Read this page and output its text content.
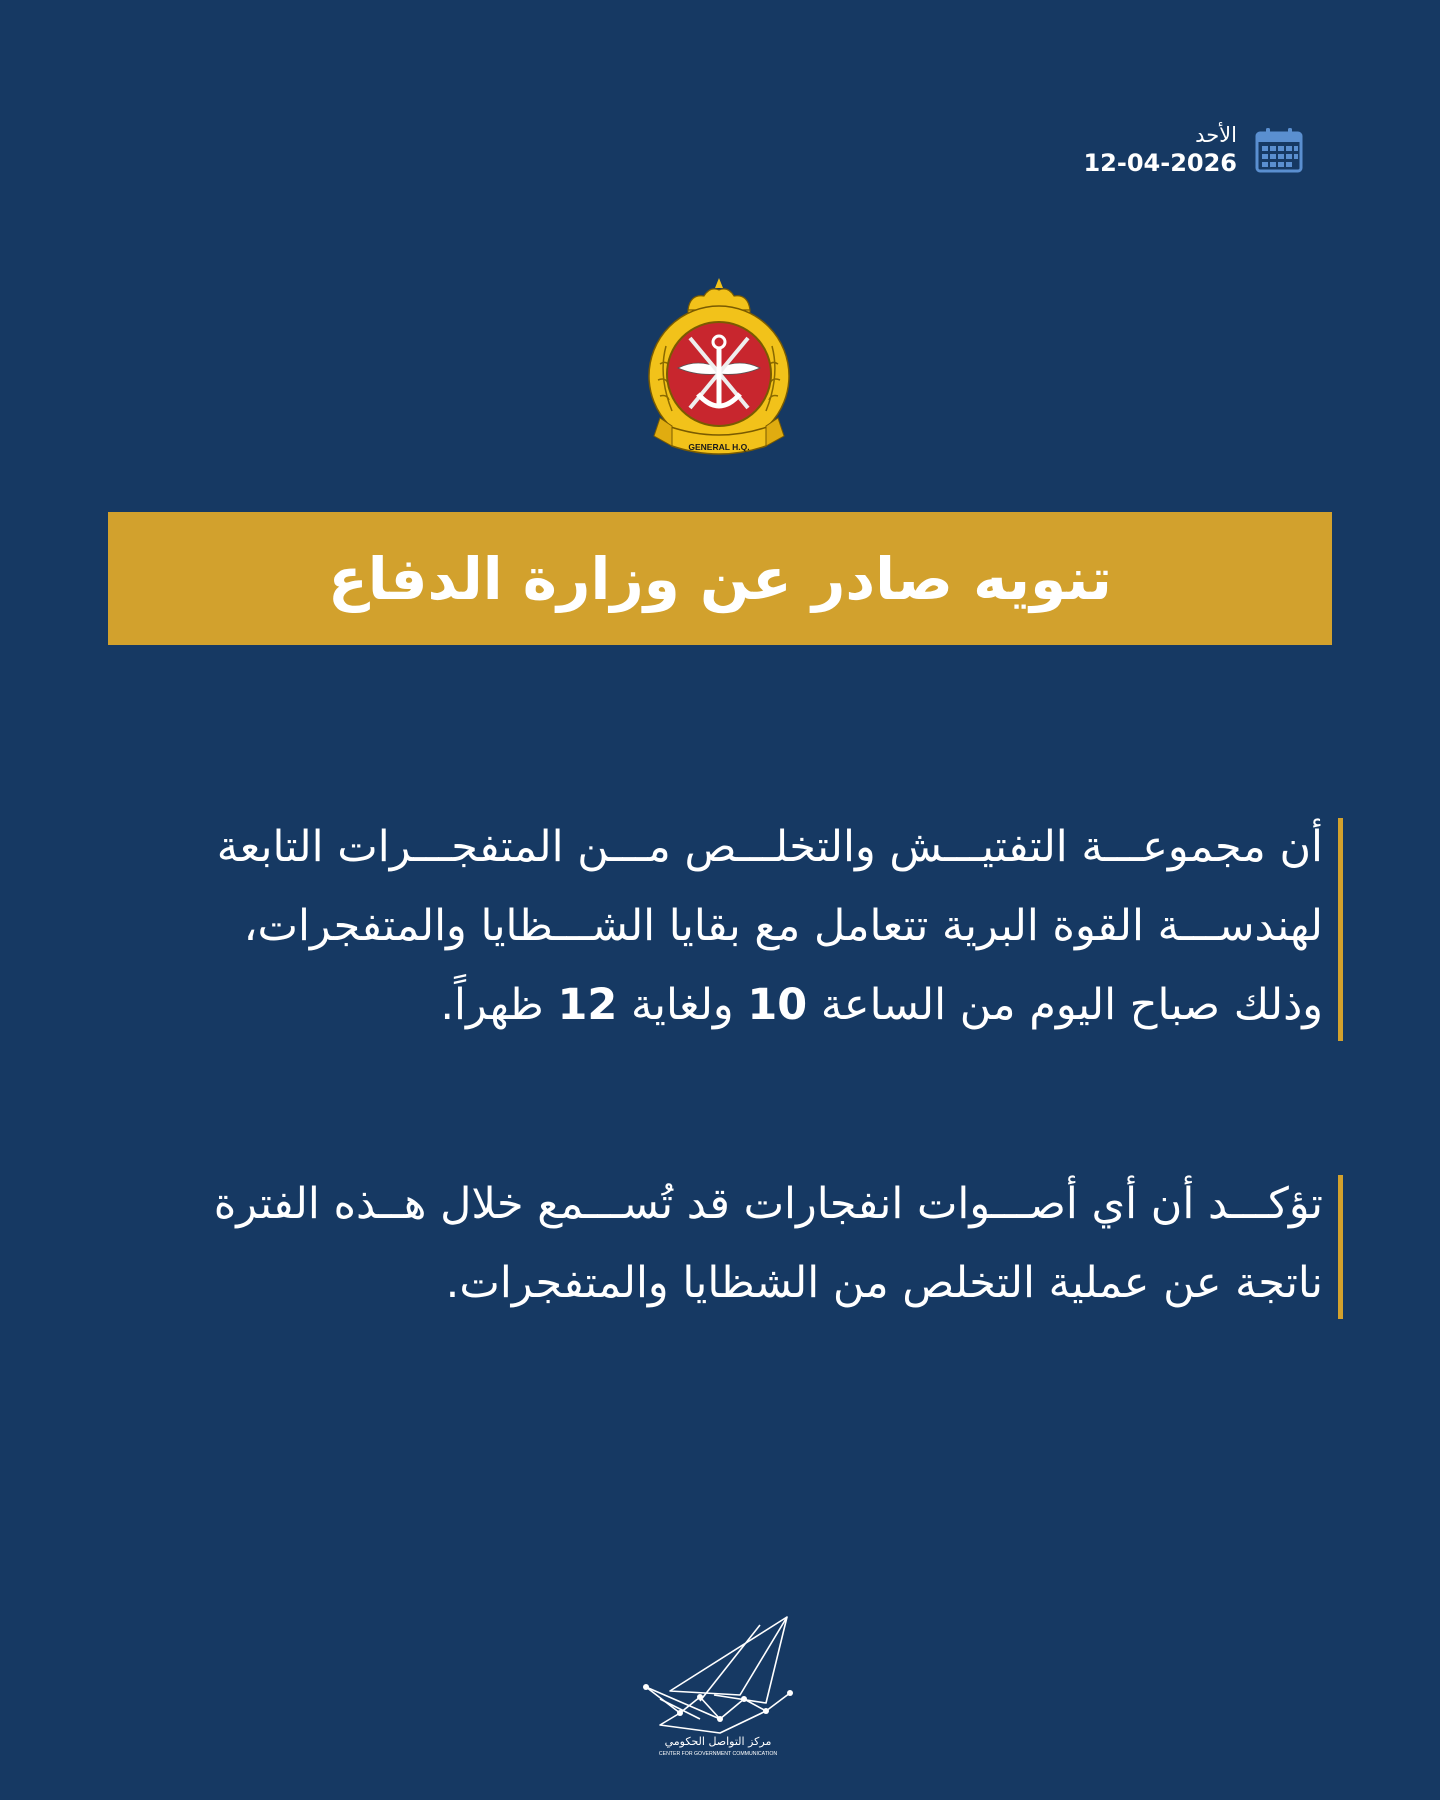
الأحد
12-04-2026
GENERAL H.Q.
تنويه صادر عن وزارة الدفاع
أن مجموعـــة التفتيـــش والتخلـــص مـــن المتفجـــرات التابعة
لهندســـة القوة البرية تتعامل مع بقايا الشـــظايا والمتفجرات،
وذلك صباح اليوم من الساعة 10 ولغاية 12 ظهراً.
تؤكـــد أن أي أصـــوات انفجارات قد تُســـمع خلال هــذه الفترة
ناتجة عن عملية التخلص من الشظايا والمتفجرات.
مركز التواصل الحكومي
CENTER FOR GOVERNMENT COMMUNICATION
